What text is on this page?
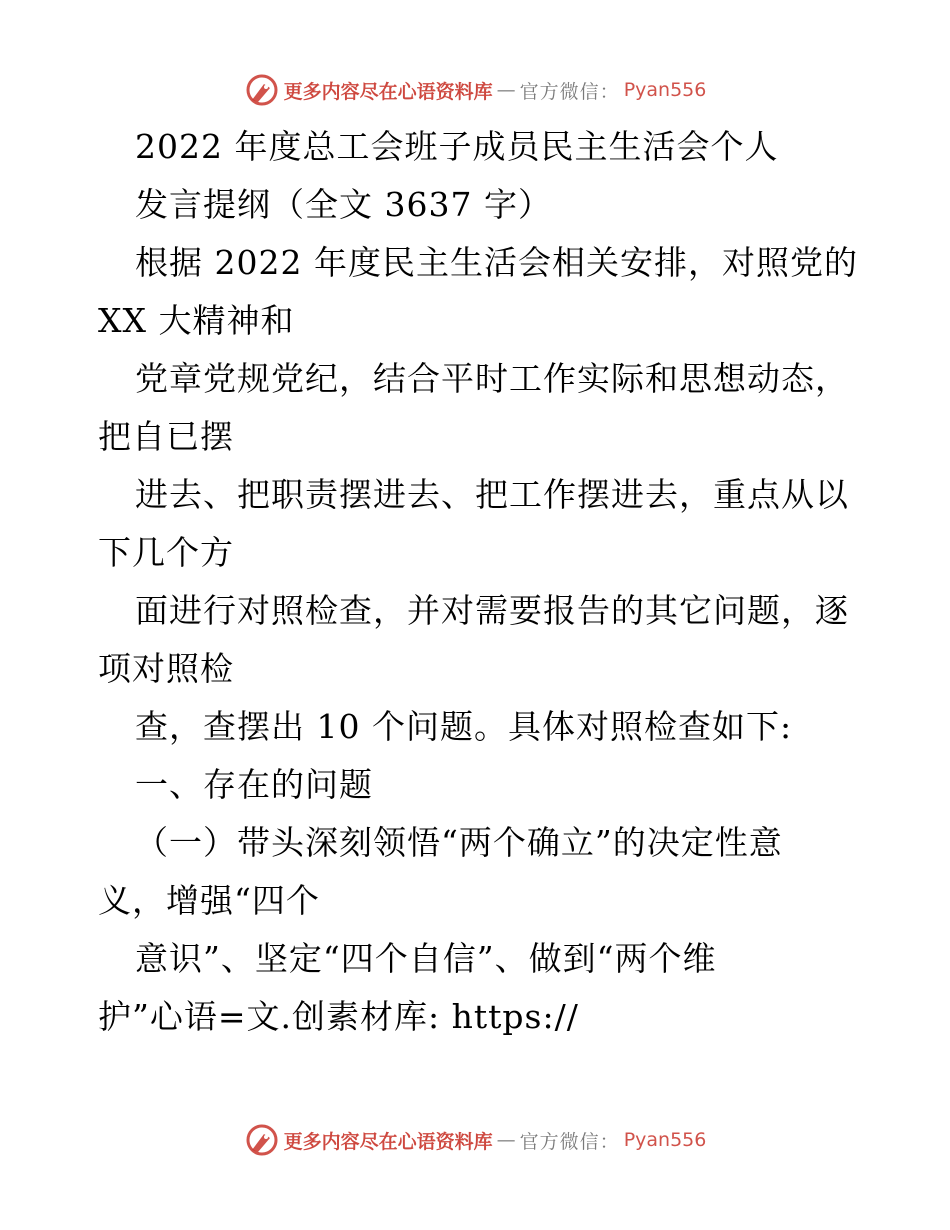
更多内容尽在心语资料库 — 官方微信： Pyan556
2022 年度总工会班子成员民主生活会个人
发言提纲（全文 3637 字）
根据 2022 年度民主生活会相关安排，对照党的
XX 大精神和
党章党规党纪，结合平时工作实际和思想动态，
把自已摆
进去、把职责摆进去、把工作摆进去，重点从以
下几个方
面进行对照检查，并对需要报告的其它问题，逐
项对照检
查，查摆出 10 个问题。具体对照检查如下:
一、存在的问题
（一）带头深刻领悟“两个确立”的决定性意
义，增强“四个
意识”、坚定“四个自信”、做到“两个维
护”心语=文.创素材库: https://
更多内容尽在心语资料库 — 官方微信： Pyan556
